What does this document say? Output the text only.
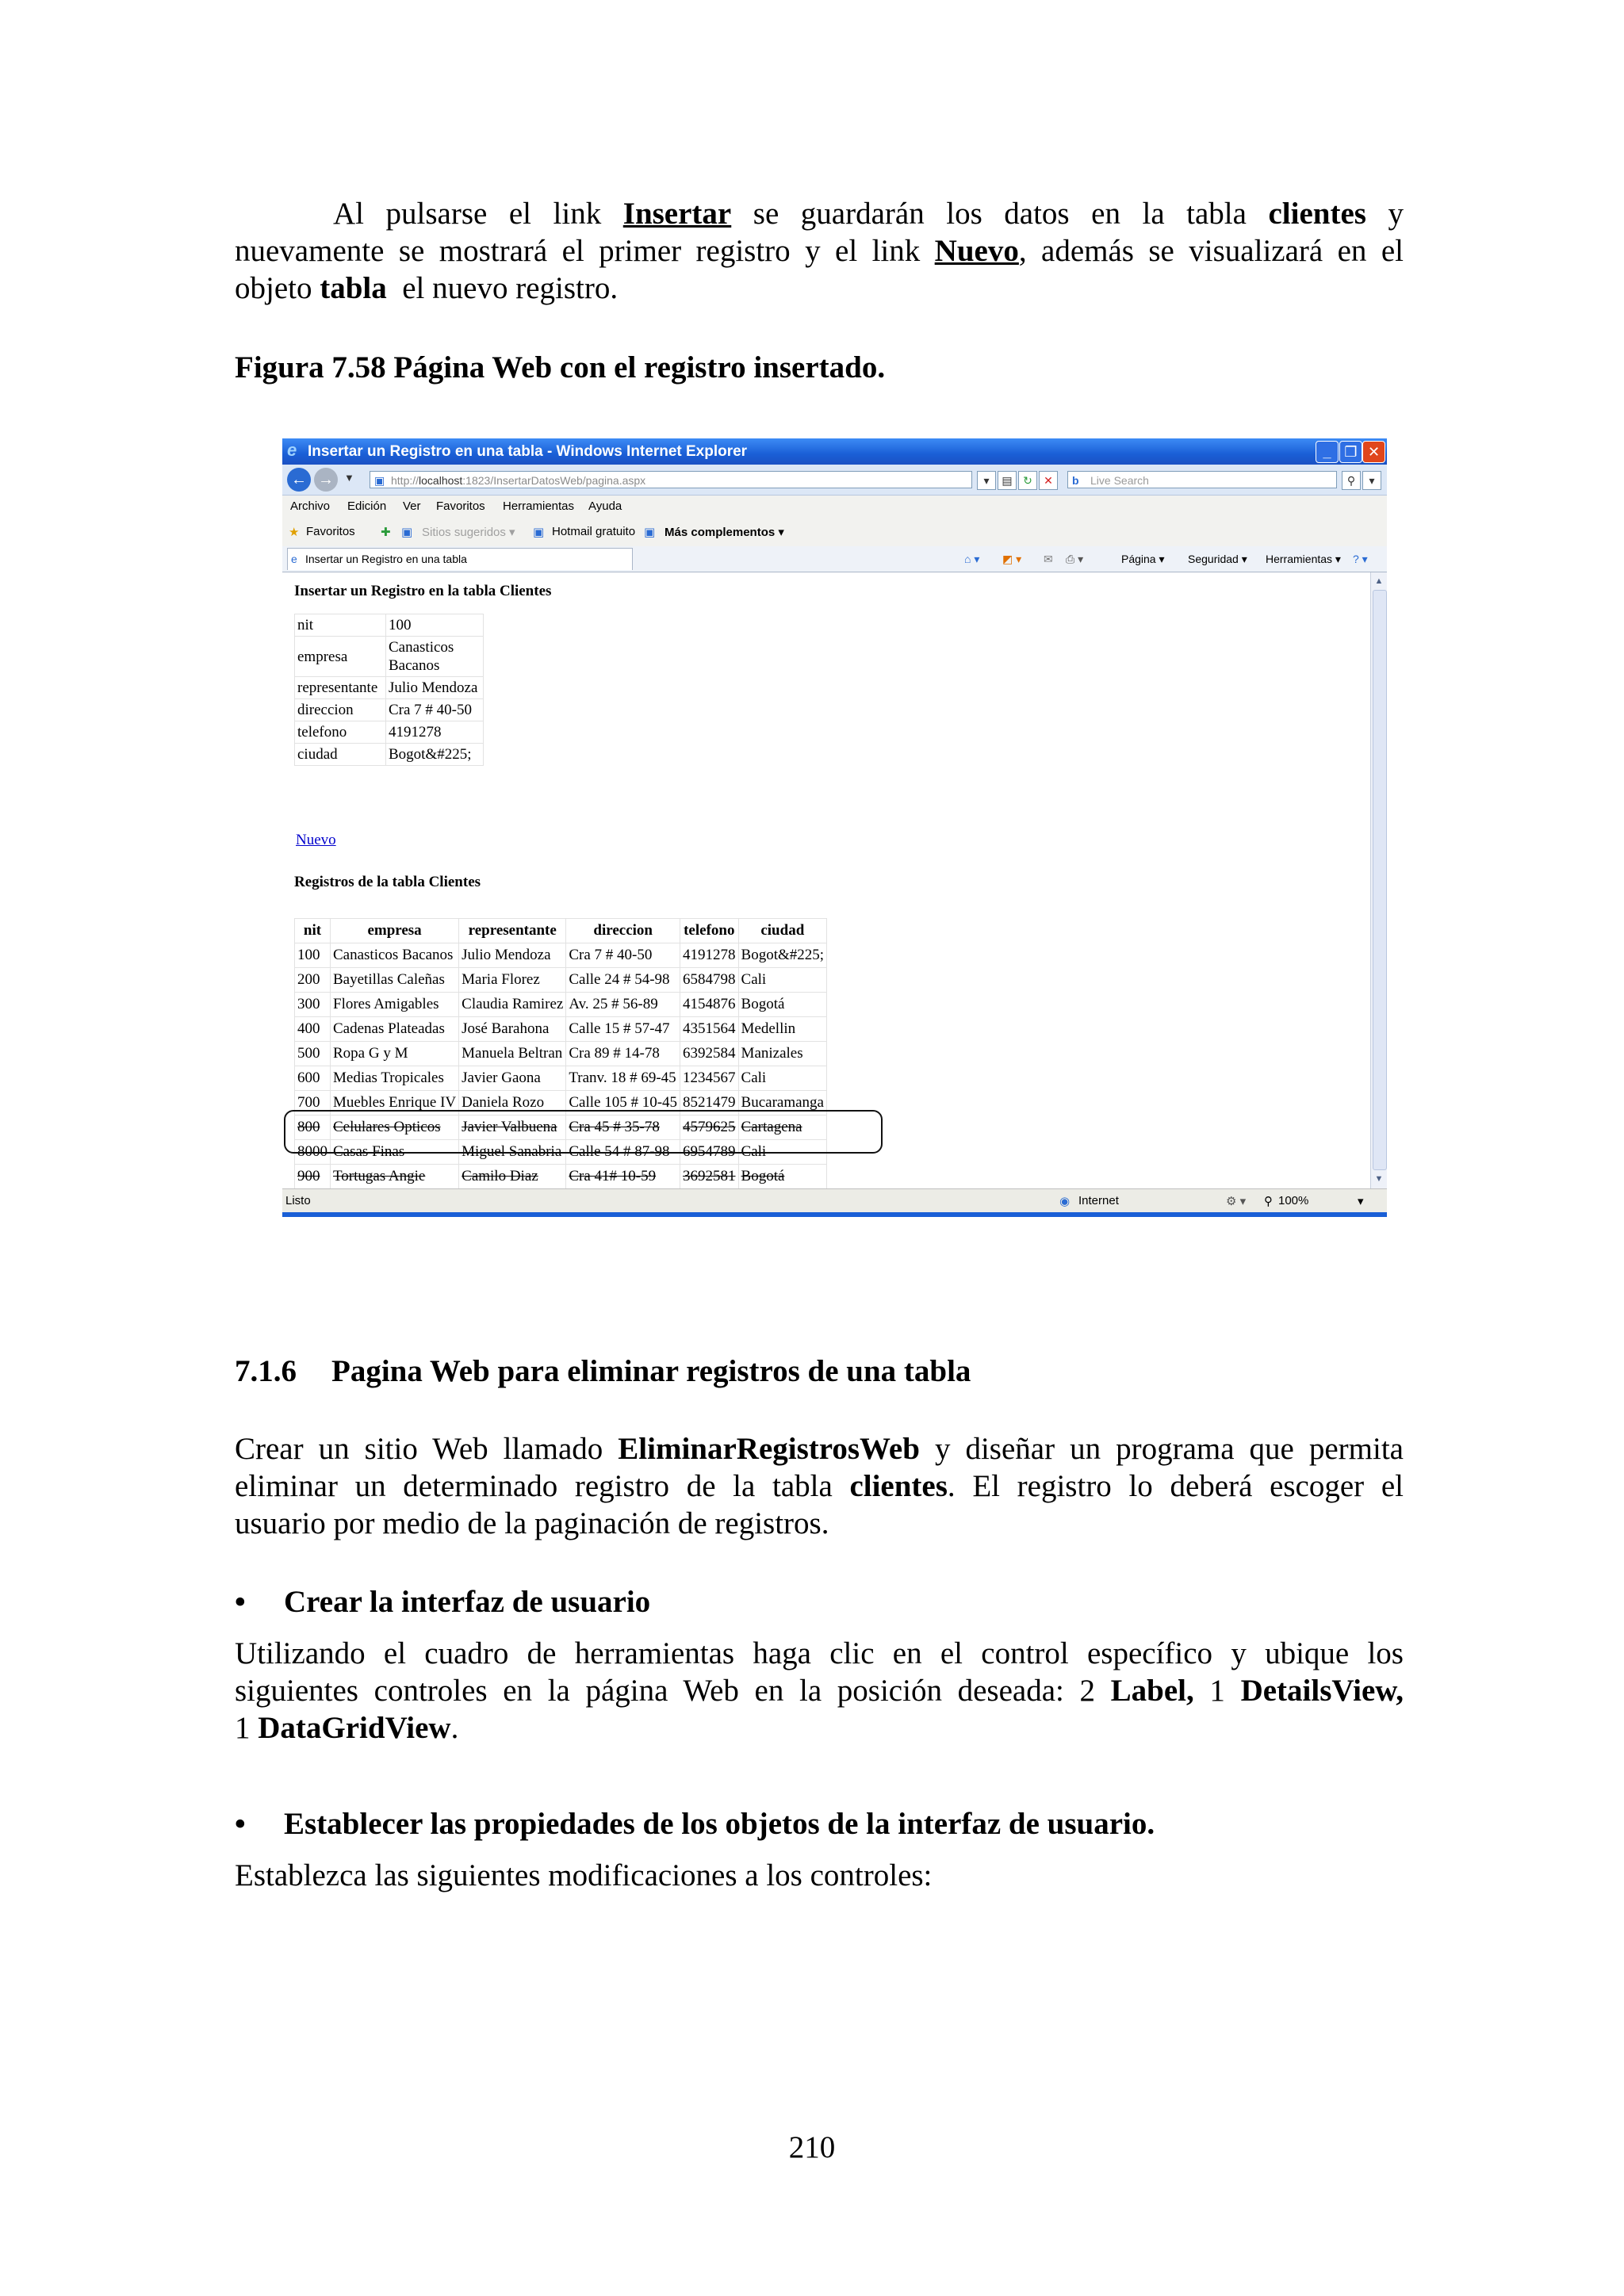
Al pulsarse el link Insertar se guardarán los datos en la tabla clientes y
nuevamente se mostrará el primer registro y el link Nuevo, además se visualizará en el
objeto tabla  el nuevo registro.
Figura 7.58 Página Web con el registro insertado.
e Insertar un Registro en una tabla - Windows Internet Explorer	_ ❐ ✕
← →	▼ ▣ http://localhost:1823/InsertarDatosWeb/pagina.aspx	▾	▤ ↻	✕	b Live Search	⚲	▾
Archivo Edición Ver Favoritos Herramientas Ayuda
★ Favoritos ✚ ▣ Sitios sugeridos ▾ ▣ Hotmail gratuito ▣ Más complementos ▾
e Insertar un Registro en una tabla	⌂ ▾ ◩ ▾ ✉ ⎙ ▾	Página ▾ Seguridad ▾ Herramientas ▾ ? ▾
Insertar un Registro en la tabla Clientes
nit	100
empresa	Canasticos Bacanos
representante	Julio Mendoza
direccion	Cra 7 # 40-50
telefono	4191278
ciudad	Bogot&#225;
Nuevo
Registros de la tabla Clientes
nit	empresa	representante	direccion	telefono	ciudad
100	Canasticos Bacanos	Julio Mendoza	Cra 7 # 40-50	4191278	Bogot&#225;
200	Bayetillas Caleñas	Maria Florez	Calle 24 # 54-98	6584798	Cali
300	Flores Amigables	Claudia Ramirez	Av. 25 # 56-89	4154876	Bogotá
400	Cadenas Plateadas	José Barahona	Calle 15 # 57-47	4351564	Medellin
500	Ropa G y M	Manuela Beltran	Cra 89 # 14-78	6392584	Manizales
600	Medias Tropicales	Javier Gaona	Tranv. 18 # 69-45	1234567	Cali
700	Muebles Enrique IV	Daniela Rozo	Calle 105 # 10-45	8521479	Bucaramanga
800	Celulares Opticos	Javier Valbuena	Cra 45 # 35-78	4579625	Cartagena
8000	Casas Finas	Miguel Sanabria	Calle 54 # 87-98	6954789	Cali
900	Tortugas Angie	Camilo Diaz	Cra 41# 10-59	3692581	Bogotá
▲
▼
Listo	◉ Internet	⚙ ▾ ⚲ 100%	▾
7.1.6 Pagina Web para eliminar registros de una tabla
Crear un sitio Web llamado EliminarRegistrosWeb y diseñar un programa que permita
eliminar un determinado registro de la tabla clientes. El registro lo deberá escoger el
usuario por medio de la paginación de registros.
• Crear la interfaz de usuario
Utilizando el cuadro de herramientas haga clic en el control específico y ubique los
siguientes controles en la página Web en la posición deseada: 2 Label, 1 DetailsView,
1 DataGridView.
• Establecer las propiedades de los objetos de la interfaz de usuario.
Establezca las siguientes modificaciones a los controles:
210
